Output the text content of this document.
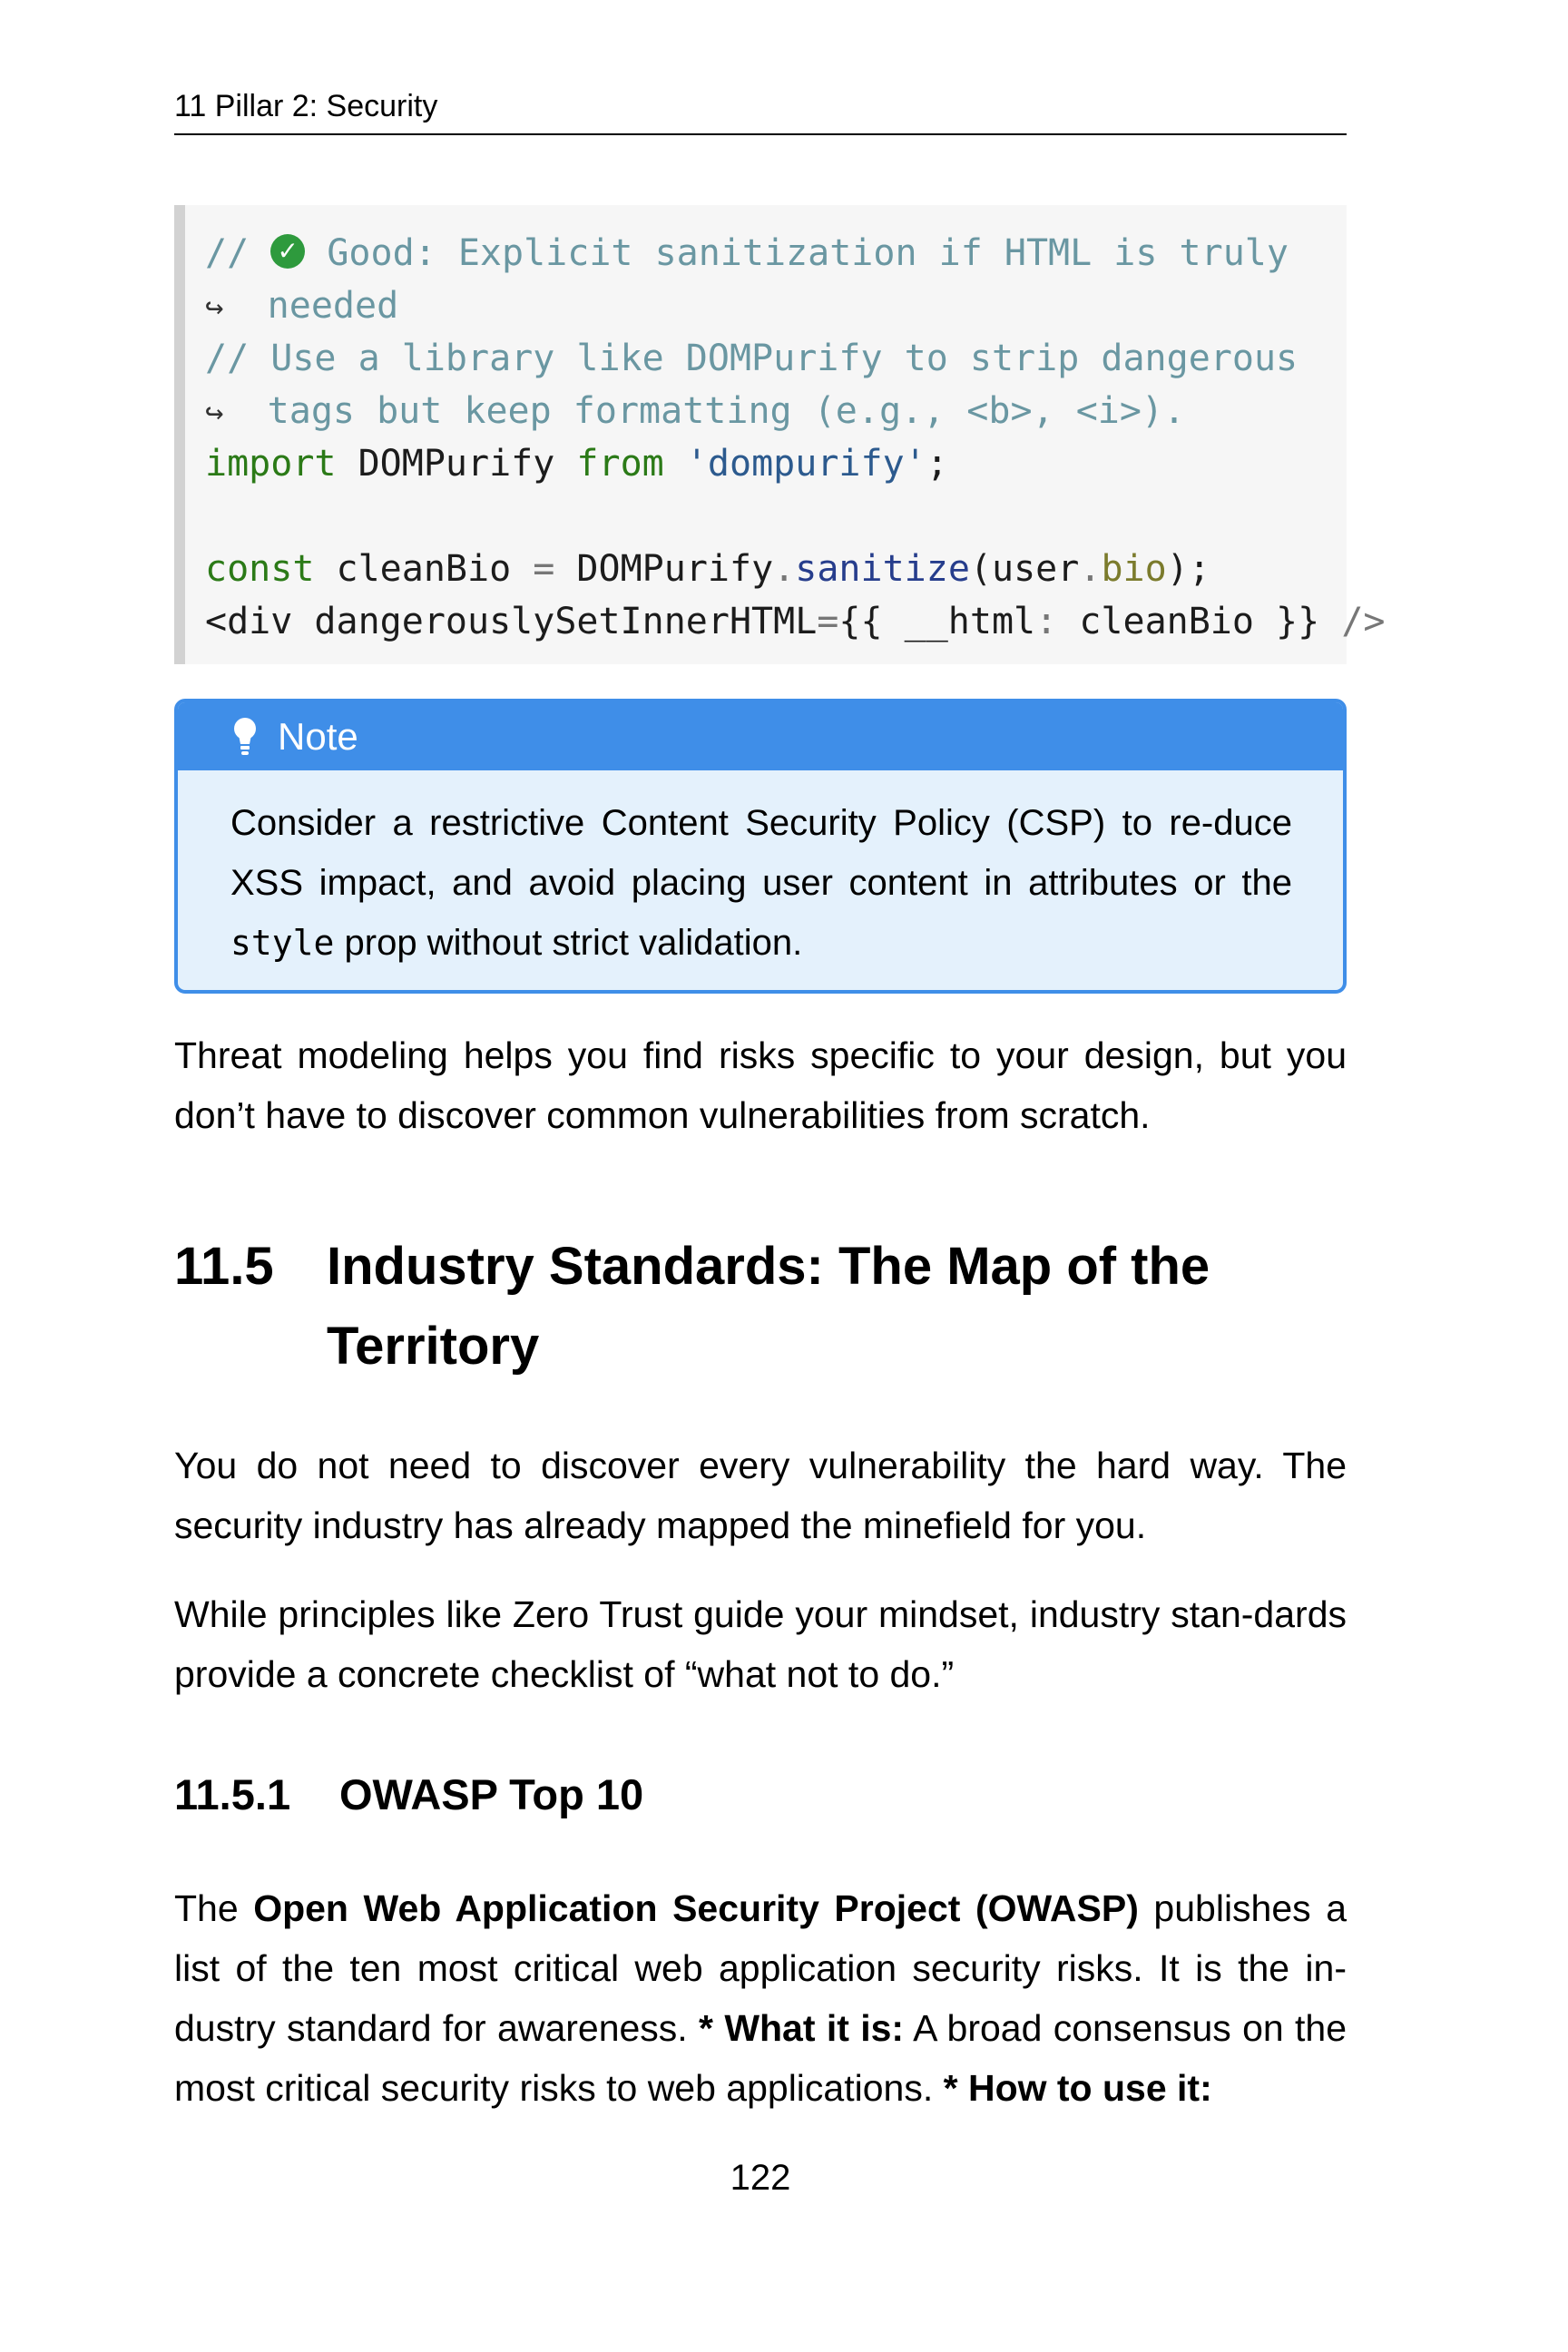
11 Pillar 2: Security
// ✓ Good: Explicit sanitization if HTML is truly
↪ needed
// Use a library like DOMPurify to strip dangerous
↪ tags but keep formatting (e.g., <b>, <i>).
import DOMPurify from 'dompurify';
const cleanBio = DOMPurify.sanitize(user.bio);
<div dangerouslySetInnerHTML={{ __html: cleanBio }} />
Note
Consider a restrictive Content Security Policy (CSP) to re-duce XSS impact, and avoid placing user content in attributes or the style prop without strict validation.
Threat modeling helps you find risks specific to your design, but you don’t have to discover common vulnerabilities from scratch.
11.5 Industry Standards: The Map of the Territory
You do not need to discover every vulnerability the hard way. The security industry has already mapped the minefield for you.
While principles like Zero Trust guide your mindset, industry stan-dards provide a concrete checklist of “what not to do.”
11.5.1 OWASP Top 10
The Open Web Application Security Project (OWASP) publishes a list of the ten most critical web application security risks. It is the in-dustry standard for awareness. * What it is: A broad consensus on the most critical security risks to web applications. * How to use it:
122
